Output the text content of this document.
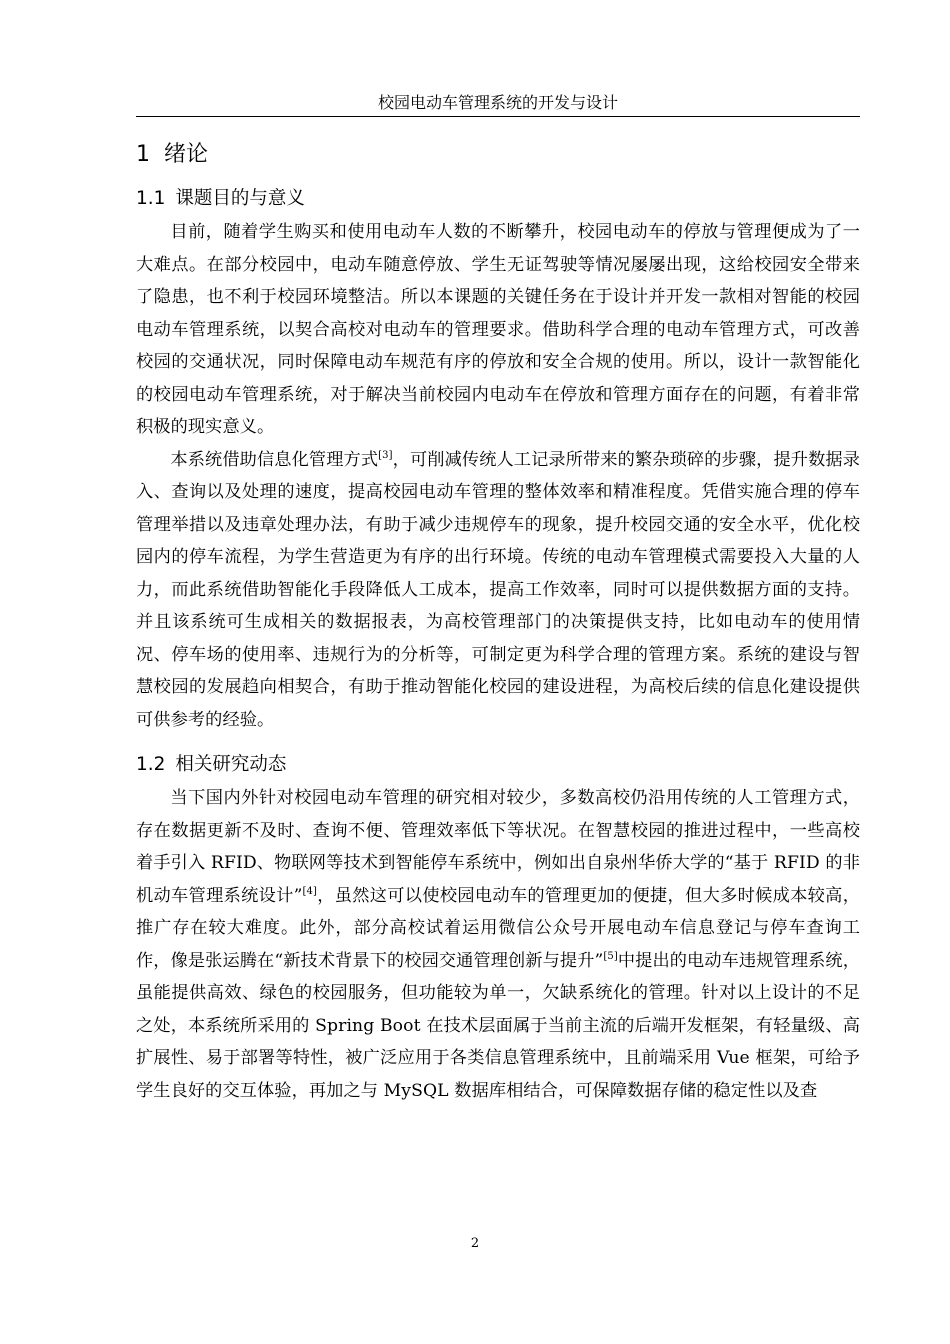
校园电动车管理系统的开发与设计
1 绪论
1.1 课题目的与意义

目前，随着学生购买和使用电动车人数的不断攀升，校园电动车的停放与管理便成为了一大难点。在部分校园中，电动车随意停放、学生无证驾驶等情况屡屡出现，这给校园安全带来了隐患，也不利于校园环境整洁。所以本课题的关键任务在于设计并开发一款相对智能的校园电动车管理系统，以契合高校对电动车的管理要求。借助科学合理的电动车管理方式，可改善校园的交通状况，同时保障电动车规范有序的停放和安全合规的使用。所以，设计一款智能化的校园电动车管理系统，对于解决当前校园内电动车在停放和管理方面存在的问题，有着非常积极的现实意义。

本系统借助信息化管理方式[3]，可削减传统人工记录所带来的繁杂琐碎的步骤，提升数据录入、查询以及处理的速度，提高校园电动车管理的整体效率和精准程度。凭借实施合理的停车管理举措以及违章处理办法，有助于减少违规停车的现象，提升校园交通的安全水平，优化校园内的停车流程，为学生营造更为有序的出行环境。传统的电动车管理模式需要投入大量的人力，而此系统借助智能化手段降低人工成本，提高工作效率，同时可以提供数据方面的支持。并且该系统可生成相关的数据报表，为高校管理部门的决策提供支持，比如电动车的使用情况、停车场的使用率、违规行为的分析等，可制定更为科学合理的管理方案。系统的建设与智慧校园的发展趋向相契合，有助于推动智能化校园的建设进程，为高校后续的信息化建设提供可供参考的经验。

1.2 相关研究动态

当下国内外针对校园电动车管理的研究相对较少，多数高校仍沿用传统的人工管理方式，存在数据更新不及时、查询不便、管理效率低下等状况。在智慧校园的推进过程中，一些高校着手引入 RFID、物联网等技术到智能停车系统中，例如出自泉州华侨大学的“基于 RFID 的非机动车管理系统设计”[4]，虽然这可以使校园电动车的管理更加的便捷，但大多时候成本较高，推广存在较大难度。此外，部分高校试着运用微信公众号开展电动车信息登记与停车查询工作，像是张运腾在“新技术背景下的校园交通管理创新与提升”[5]中提出的电动车违规管理系统，虽能提供高效、绿色的校园服务，但功能较为单一，欠缺系统化的管理。针对以上设计的不足之处，本系统所采用的 Spring Boot 在技术层面属于当前主流的后端开发框架，有轻量级、高扩展性、易于部署等特性，被广泛应用于各类信息管理系统中，且前端采用 Vue 框架，可给予学生良好的交互体验，再加之与 MySQL 数据库相结合，可保障数据存储的稳定性以及查

2
